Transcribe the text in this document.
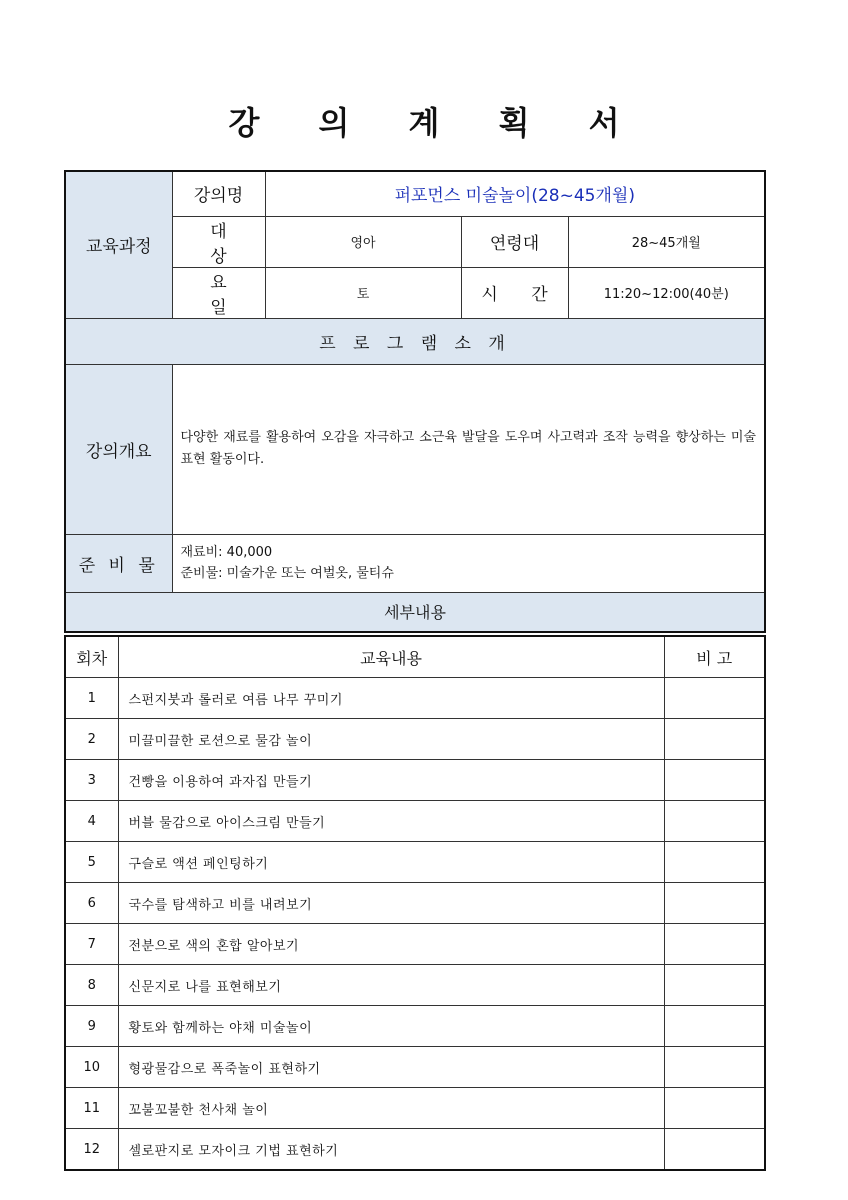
강 의 계 획 서
교육과정	강의명	퍼포먼스 미술놀이(28~45개월)		
	대 상	영아	연령대	28~45개월
	요 일	토	시 간	11:20~12:00(40분)
프 로 그 램 소 개				
강의개요	다양한 재료를 활용하여 오감을 자극하고 소근육 발달을 도우며 사고력과 조작 능력을 향상하는 미술 표현 활동이다.			
준 비 물	재료비: 40,000
준비물: 미술가운 또는 여벌옷, 물티슈			

세부내용				
회차	교육내용	비 고
1	스펀지붓과 롤러로 여름 나무 꾸미기	
2	미끌미끌한 로션으로 물감 놀이	
3	건빵을 이용하여 과자집 만들기	
4	버블 물감으로 아이스크림 만들기	
5	구슬로 액션 페인팅하기	
6	국수를 탐색하고 비를 내려보기	
7	전분으로 색의 혼합 알아보기	
8	신문지로 나를 표현해보기	
9	황토와 함께하는 야채 미술놀이	
10	형광물감으로 폭죽놀이 표현하기	
11	꼬불꼬불한 천사채 놀이	
12	셀로판지로 모자이크 기법 표현하기	
